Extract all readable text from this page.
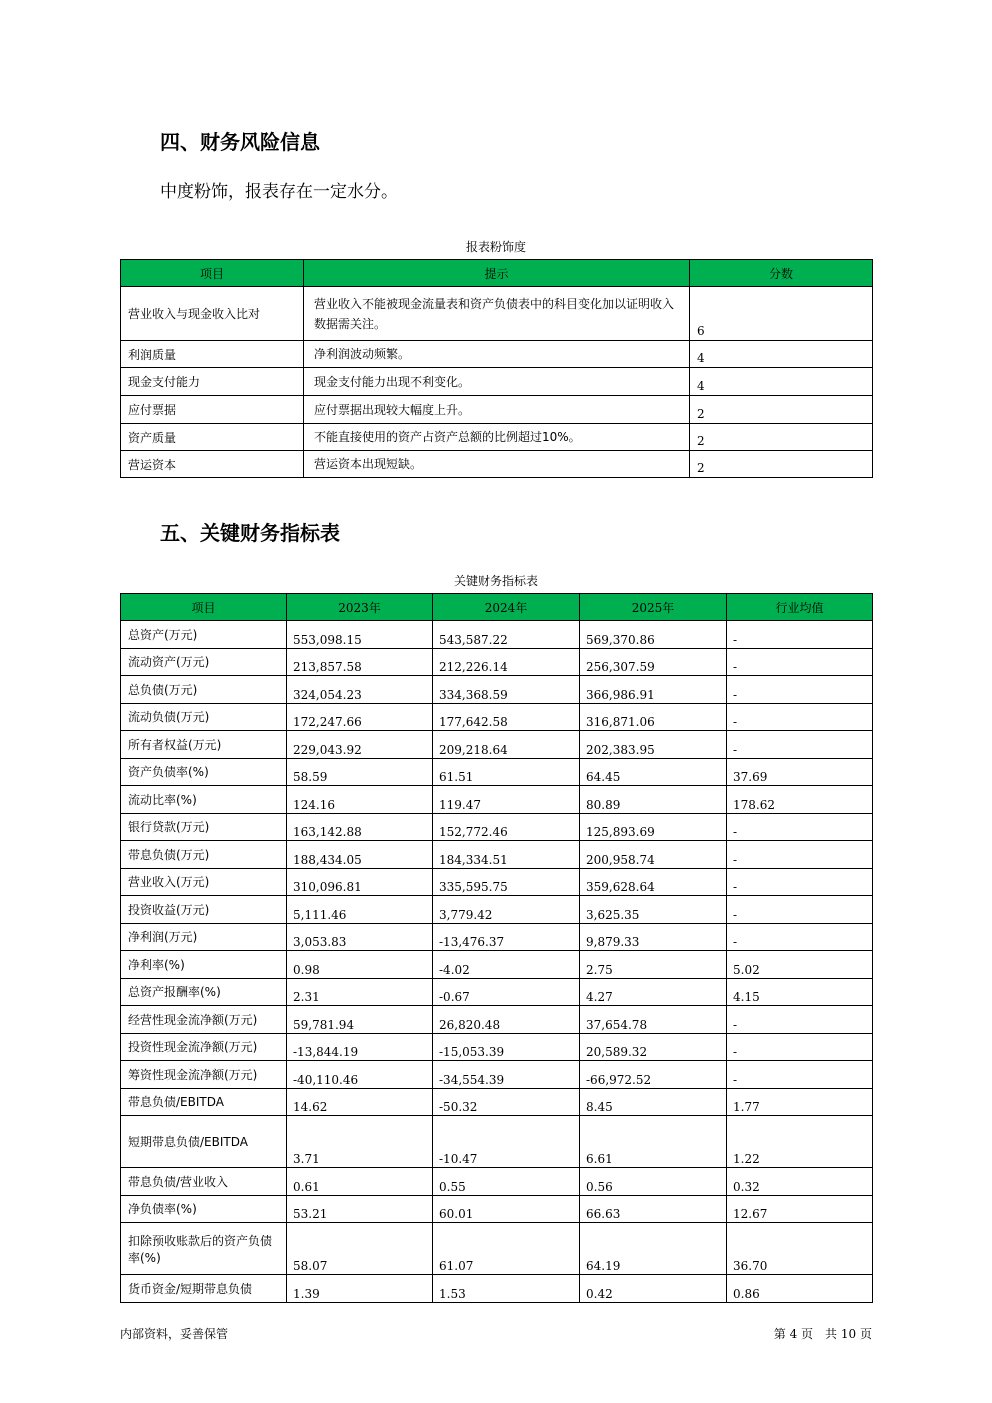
四、财务风险信息
中度粉饰，报表存在一定水分。
报表粉饰度
项目	提示	分数
营业收入与现金收入比对	营业收入不能被现金流量表和资产负债表中的科目变化加以证明收入数据需关注。	6
利润质量	净利润波动频繁。	4
现金支付能力	现金支付能力出现不利变化。	4
应付票据	应付票据出现较大幅度上升。	2
资产质量	不能直接使用的资产占资产总额的比例超过10%。	2
营运资本	营运资本出现短缺。	2
五、关键财务指标表
关键财务指标表
项目	2023年	2024年	2025年	行业均值
总资产(万元)	553,098.15	543,587.22	569,370.86	-
流动资产(万元)	213,857.58	212,226.14	256,307.59	-
总负债(万元)	324,054.23	334,368.59	366,986.91	-
流动负债(万元)	172,247.66	177,642.58	316,871.06	-
所有者权益(万元)	229,043.92	209,218.64	202,383.95	-
资产负债率(%)	58.59	61.51	64.45	37.69
流动比率(%)	124.16	119.47	80.89	178.62
银行贷款(万元)	163,142.88	152,772.46	125,893.69	-
带息负债(万元)	188,434.05	184,334.51	200,958.74	-
营业收入(万元)	310,096.81	335,595.75	359,628.64	-
投资收益(万元)	5,111.46	3,779.42	3,625.35	-
净利润(万元)	3,053.83	-13,476.37	9,879.33	-
净利率(%)	0.98	-4.02	2.75	5.02
总资产报酬率(%)	2.31	-0.67	4.27	4.15
经营性现金流净额(万元)	59,781.94	26,820.48	37,654.78	-
投资性现金流净额(万元)	-13,844.19	-15,053.39	20,589.32	-
筹资性现金流净额(万元)	-40,110.46	-34,554.39	-66,972.52	-
带息负债/EBITDA	14.62	-50.32	8.45	1.77
短期带息负债/EBITDA	3.71	-10.47	6.61	1.22
带息负债/营业收入	0.61	0.55	0.56	0.32
净负债率(%)	53.21	60.01	66.63	12.67
扣除预收账款后的资产负债率(%)	58.07	61.07	64.19	36.70
货币资金/短期带息负债	1.39	1.53	0.42	0.86
内部资料，妥善保管	第 4 页　共 10 页
